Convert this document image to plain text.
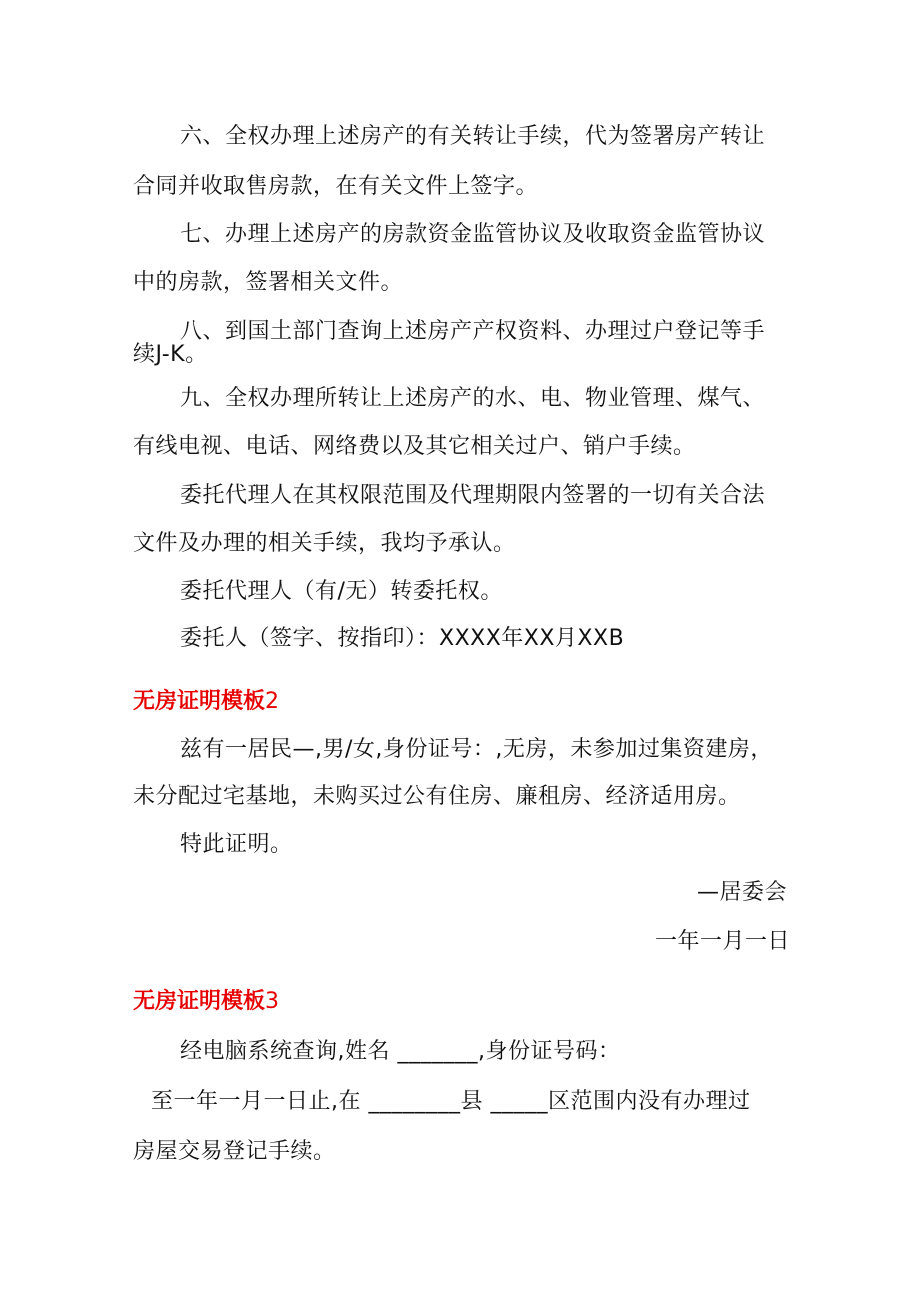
六、全权办理上述房产的有关转让手续，代为签署房产转让
合同并收取售房款，在有关文件上签字。
七、办理上述房产的房款资金监管协议及收取资金监管协议
中的房款，签署相关文件。
八、到国土部门查询上述房产产权资料、办理过户登记等手
续J-K。
九、全权办理所转让上述房产的水、电、物业管理、煤气、
有线电视、电话、网络费以及其它相关过户、销户手续。
委托代理人在其权限范围及代理期限内签署的一切有关合法
文件及办理的相关手续，我均予承认。
委托代理人（有/无）转委托权。
委托人（签字、按指印）：XXXX年XX月XXB
无房证明模板2
兹有一居民—,男/女,身份证号：,无房，未参加过集资建房，
未分配过宅基地，未购买过公有住房、廉租房、经济适用房。
特此证明。
—居委会
一年一月一日
无房证明模板3
经电脑系统查询,姓名 _______,身份证号码：
至一年一月一日止,在 ________县 _____区范围内没有办理过
房屋交易登记手续。
